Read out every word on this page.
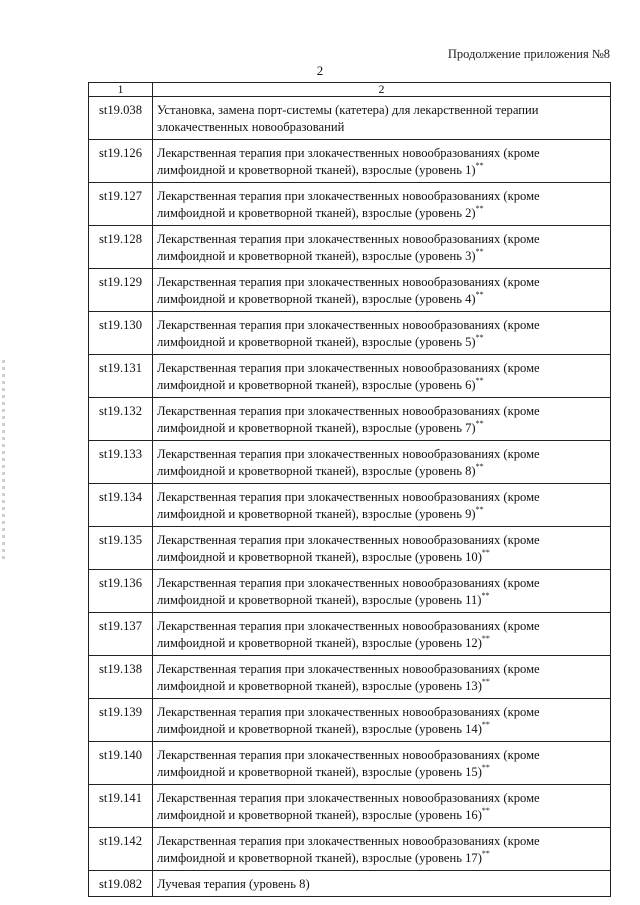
Продолжение приложения №8
2
1	2
st19.038	Установка, замена порт-системы (катетера) для лекарственной терапии злокачественных новообразований
st19.126	Лекарственная терапия при злокачественных новообразованиях (кроме лимфоидной и кроветворной тканей), взрослые (уровень 1)**
st19.127	Лекарственная терапия при злокачественных новообразованиях (кроме лимфоидной и кроветворной тканей), взрослые (уровень 2)**
st19.128	Лекарственная терапия при злокачественных новообразованиях (кроме лимфоидной и кроветворной тканей), взрослые (уровень 3)**
st19.129	Лекарственная терапия при злокачественных новообразованиях (кроме лимфоидной и кроветворной тканей), взрослые (уровень 4)**
st19.130	Лекарственная терапия при злокачественных новообразованиях (кроме лимфоидной и кроветворной тканей), взрослые (уровень 5)**
st19.131	Лекарственная терапия при злокачественных новообразованиях (кроме лимфоидной и кроветворной тканей), взрослые (уровень 6)**
st19.132	Лекарственная терапия при злокачественных новообразованиях (кроме лимфоидной и кроветворной тканей), взрослые (уровень 7)**
st19.133	Лекарственная терапия при злокачественных новообразованиях (кроме лимфоидной и кроветворной тканей), взрослые (уровень 8)**
st19.134	Лекарственная терапия при злокачественных новообразованиях (кроме лимфоидной и кроветворной тканей), взрослые (уровень 9)**
st19.135	Лекарственная терапия при злокачественных новообразованиях (кроме лимфоидной и кроветворной тканей), взрослые (уровень 10)**
st19.136	Лекарственная терапия при злокачественных новообразованиях (кроме лимфоидной и кроветворной тканей), взрослые (уровень 11)**
st19.137	Лекарственная терапия при злокачественных новообразованиях (кроме лимфоидной и кроветворной тканей), взрослые (уровень 12)**
st19.138	Лекарственная терапия при злокачественных новообразованиях (кроме лимфоидной и кроветворной тканей), взрослые (уровень 13)**
st19.139	Лекарственная терапия при злокачественных новообразованиях (кроме лимфоидной и кроветворной тканей), взрослые (уровень 14)**
st19.140	Лекарственная терапия при злокачественных новообразованиях (кроме лимфоидной и кроветворной тканей), взрослые (уровень 15)**
st19.141	Лекарственная терапия при злокачественных новообразованиях (кроме лимфоидной и кроветворной тканей), взрослые (уровень 16)**
st19.142	Лекарственная терапия при злокачественных новообразованиях (кроме лимфоидной и кроветворной тканей), взрослые (уровень 17)**
st19.082	Лучевая терапия (уровень 8)
